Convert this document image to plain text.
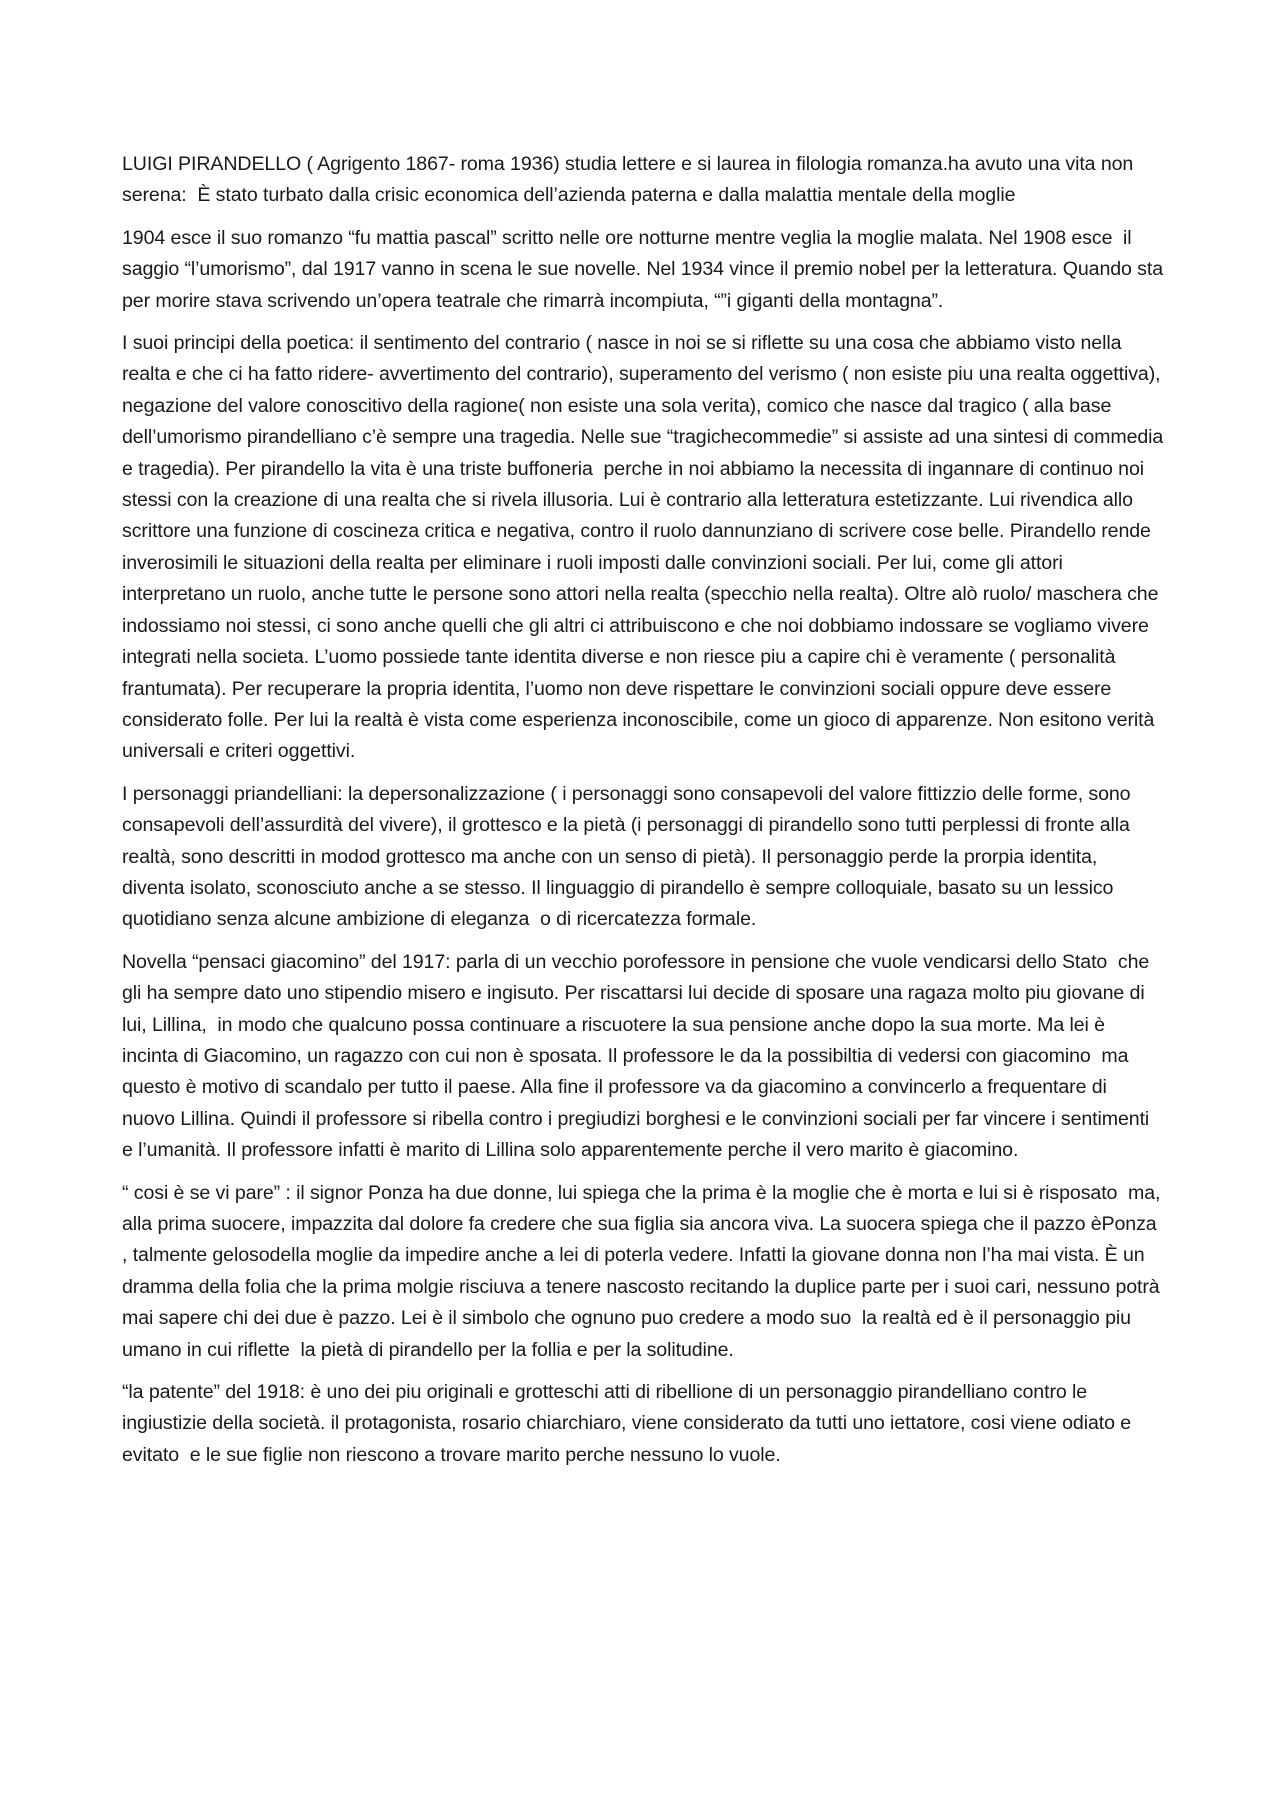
LUIGI PIRANDELLO ( Agrigento 1867- roma 1936) studia lettere e si laurea in filologia romanza.ha avuto una vita non serena:  È stato turbato dalla crisic economica dell’azienda paterna e dalla malattia mentale della moglie

1904 esce il suo romanzo “fu mattia pascal” scritto nelle ore notturne mentre veglia la moglie malata. Nel 1908 esce  il saggio “l’umorismo”, dal 1917 vanno in scena le sue novelle. Nel 1934 vince il premio nobel per la letteratura. Quando sta per morire stava scrivendo un’opera teatrale che rimarrà incompiuta, “”i giganti della montagna”.

I suoi principi della poetica: il sentimento del contrario ( nasce in noi se si riflette su una cosa che abbiamo visto nella realta e che ci ha fatto ridere- avvertimento del contrario), superamento del verismo ( non esiste piu una realta oggettiva), negazione del valore conoscitivo della ragione( non esiste una sola verita), comico che nasce dal tragico ( alla base dell’umorismo pirandelliano c’è sempre una tragedia. Nelle sue “tragichecommedie” si assiste ad una sintesi di commedia e tragedia). Per pirandello la vita è una triste buffoneria  perche in noi abbiamo la necessita di ingannare di continuo noi stessi con la creazione di una realta che si rivela illusoria. Lui è contrario alla letteratura estetizzante. Lui rivendica allo scrittore una funzione di coscineza critica e negativa, contro il ruolo dannunziano di scrivere cose belle. Pirandello rende inverosimili le situazioni della realta per eliminare i ruoli imposti dalle convinzioni sociali. Per lui, come gli attori interpretano un ruolo, anche tutte le persone sono attori nella realta (specchio nella realta). Oltre alò ruolo/ maschera che indossiamo noi stessi, ci sono anche quelli che gli altri ci attribuiscono e che noi dobbiamo indossare se vogliamo vivere integrati nella societa. L’uomo possiede tante identita diverse e non riesce piu a capire chi è veramente ( personalità frantumata). Per recuperare la propria identita, l’uomo non deve rispettare le convinzioni sociali oppure deve essere considerato folle. Per lui la realtà è vista come esperienza inconoscibile, come un gioco di apparenze. Non esitono verità universali e criteri oggettivi.

I personaggi priandelliani: la depersonalizzazione ( i personaggi sono consapevoli del valore fittizzio delle forme, sono consapevoli dell’assurdità del vivere), il grottesco e la pietà (i personaggi di pirandello sono tutti perplessi di fronte alla realtà, sono descritti in modod grottesco ma anche con un senso di pietà). Il personaggio perde la prorpia identita, diventa isolato, sconosciuto anche a se stesso. Il linguaggio di pirandello è sempre colloquiale, basato su un lessico quotidiano senza alcune ambizione di eleganza  o di ricercatezza formale.

Novella “pensaci giacomino” del 1917: parla di un vecchio porofessore in pensione che vuole vendicarsi dello Stato  che gli ha sempre dato uno stipendio misero e ingisuto. Per riscattarsi lui decide di sposare una ragaza molto piu giovane di lui, Lillina,  in modo che qualcuno possa continuare a riscuotere la sua pensione anche dopo la sua morte. Ma lei è incinta di Giacomino, un ragazzo con cui non è sposata. Il professore le da la possibiltia di vedersi con giacomino  ma questo è motivo di scandalo per tutto il paese. Alla fine il professore va da giacomino a convincerlo a frequentare di nuovo Lillina. Quindi il professore si ribella contro i pregiudizi borghesi e le convinzioni sociali per far vincere i sentimenti e l’umanità. Il professore infatti è marito di Lillina solo apparentemente perche il vero marito è giacomino.

“ cosi è se vi pare” : il signor Ponza ha due donne, lui spiega che la prima è la moglie che è morta e lui si è risposato  ma, alla prima suocere, impazzita dal dolore fa credere che sua figlia sia ancora viva. La suocera spiega che il pazzo èPonza , talmente gelosodella moglie da impedire anche a lei di poterla vedere. Infatti la giovane donna non l’ha mai vista. È un dramma della folia che la prima molgie risciuva a tenere nascosto recitando la duplice parte per i suoi cari, nessuno potrà mai sapere chi dei due è pazzo. Lei è il simbolo che ognuno puo credere a modo suo  la realtà ed è il personaggio piu umano in cui riflette  la pietà di pirandello per la follia e per la solitudine.

“la patente” del 1918: è uno dei piu originali e grotteschi atti di ribellione di un personaggio pirandelliano contro le ingiustizie della società. il protagonista, rosario chiarchiaro, viene considerato da tutti uno iettatore, cosi viene odiato e evitato  e le sue figlie non riescono a trovare marito perche nessuno lo vuole.
